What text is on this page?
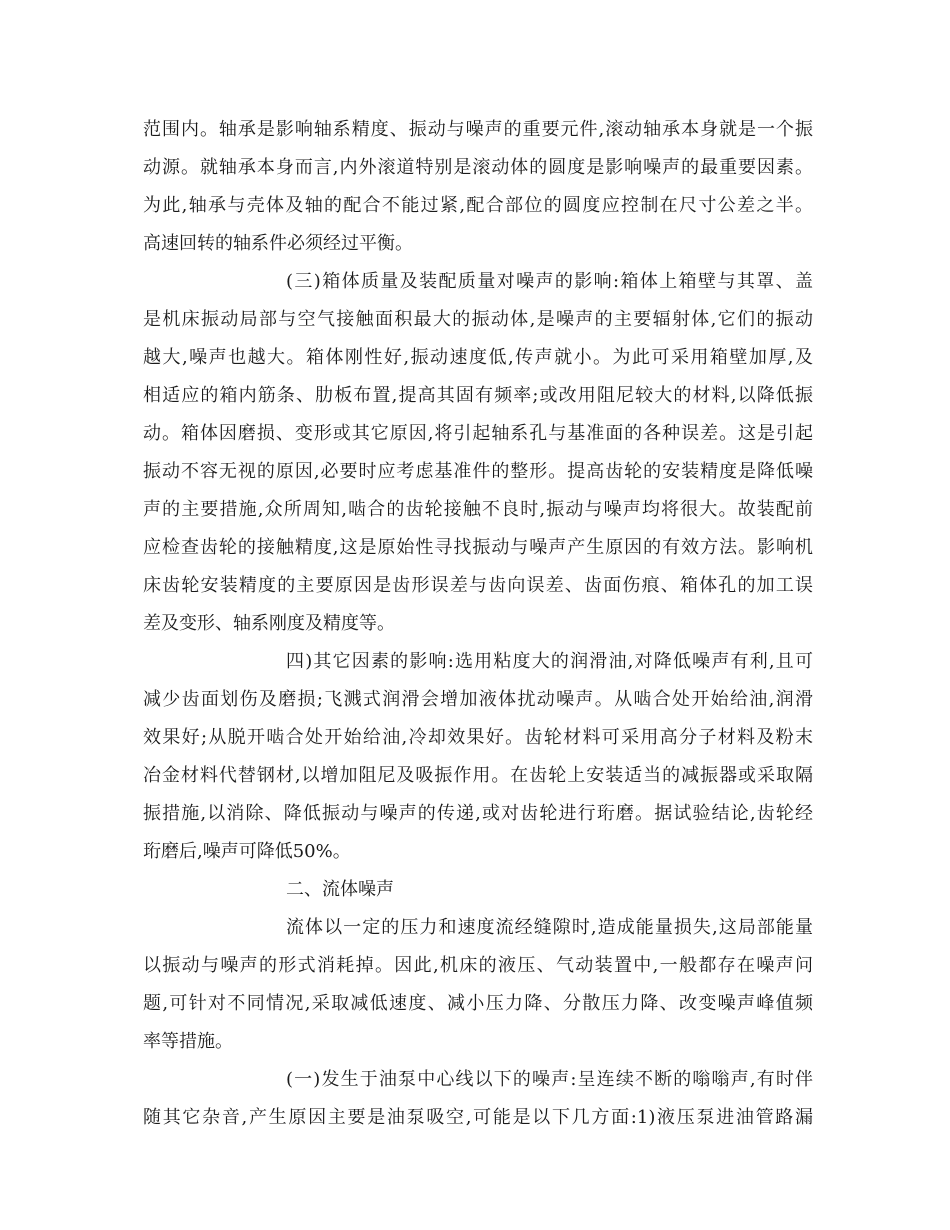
范围内。轴承是影响轴系精度、振动与噪声的重要元件,滚动轴承本身就是一个振
动源。就轴承本身而言,内外滚道特别是滚动体的圆度是影响噪声的最重要因素。
为此,轴承与壳体及轴的配合不能过紧,配合部位的圆度应控制在尺寸公差之半。
高速回转的轴系件必须经过平衡。
(三)箱体质量及装配质量对噪声的影响:箱体上箱壁与其罩、盖
是机床振动局部与空气接触面积最大的振动体,是噪声的主要辐射体,它们的振动
越大,噪声也越大。箱体刚性好,振动速度低,传声就小。为此可采用箱壁加厚,及
相适应的箱内筋条、肋板布置,提高其固有频率;或改用阻尼较大的材料,以降低振
动。箱体因磨损、变形或其它原因,将引起轴系孔与基准面的各种误差。这是引起
振动不容无视的原因,必要时应考虑基准件的整形。提高齿轮的安装精度是降低噪
声的主要措施,众所周知,啮合的齿轮接触不良时,振动与噪声均将很大。故装配前
应检查齿轮的接触精度,这是原始性寻找振动与噪声产生原因的有效方法。影响机
床齿轮安装精度的主要原因是齿形误差与齿向误差、齿面伤痕、箱体孔的加工误
差及变形、轴系刚度及精度等。
四)其它因素的影响:选用粘度大的润滑油,对降低噪声有利,且可
减少齿面划伤及磨损;飞溅式润滑会增加液体扰动噪声。从啮合处开始给油,润滑
效果好;从脱开啮合处开始给油,冷却效果好。齿轮材料可采用高分子材料及粉末
冶金材料代替钢材,以增加阻尼及吸振作用。在齿轮上安装适当的减振器或采取隔
振措施,以消除、降低振动与噪声的传递,或对齿轮进行珩磨。据试验结论,齿轮经
珩磨后,噪声可降低50%。
二、流体噪声
流体以一定的压力和速度流经缝隙时,造成能量损失,这局部能量
以振动与噪声的形式消耗掉。因此,机床的液压、气动装置中,一般都存在噪声问
题,可针对不同情况,采取减低速度、减小压力降、分散压力降、改变噪声峰值频
率等措施。
(一)发生于油泵中心线以下的噪声:呈连续不断的嗡嗡声,有时伴
随其它杂音,产生原因主要是油泵吸空,可能是以下几方面:1)液压泵进油管路漏
